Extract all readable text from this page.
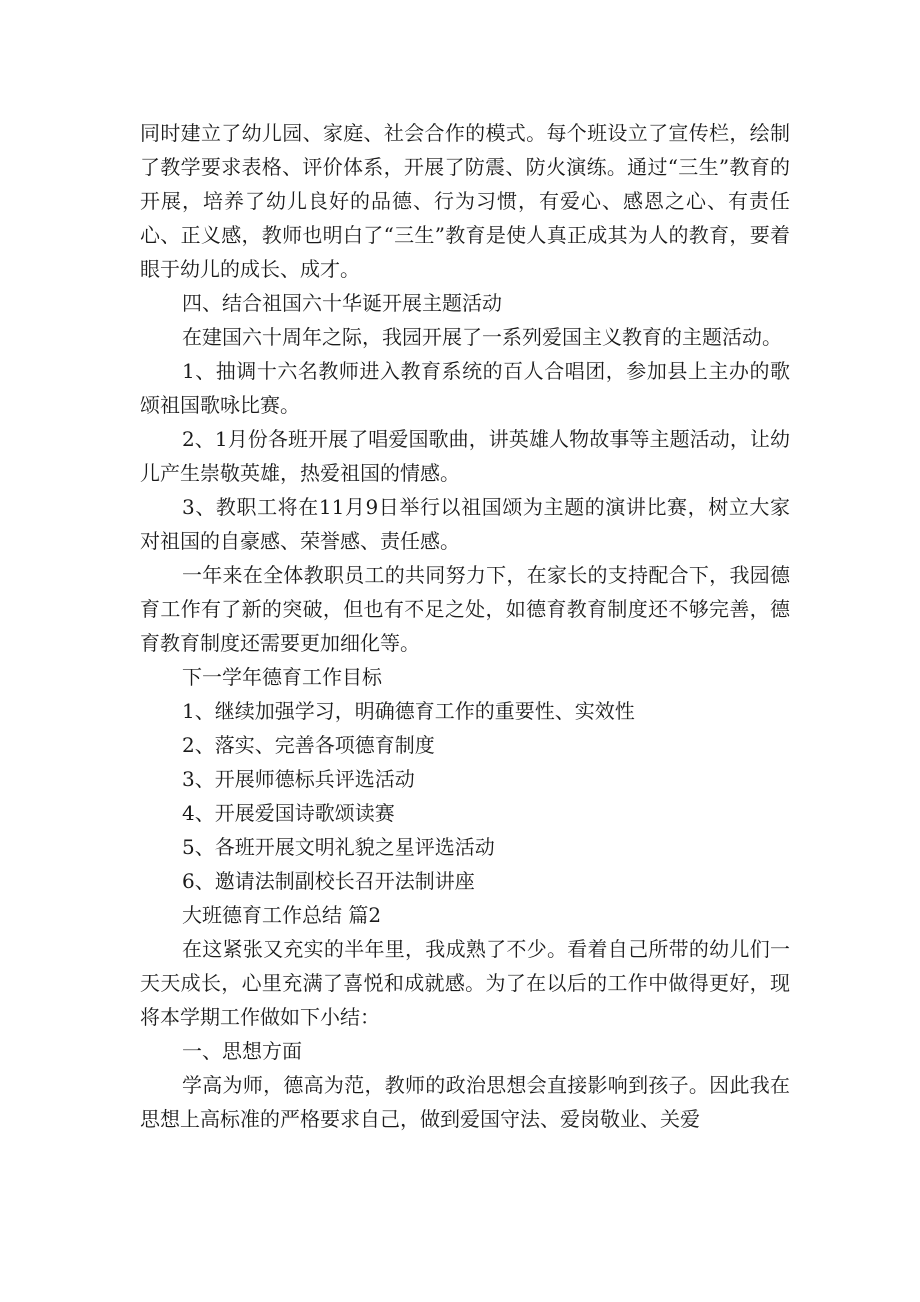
同时建立了幼儿园、家庭、社会合作的模式。每个班设立了宣传栏，绘制了教学要求表格、评价体系，开展了防震、防火演练。通过“三生”教育的开展，培养了幼儿良好的品德、行为习惯，有爱心、感恩之心、有责任心、正义感，教师也明白了“三生”教育是使人真正成其为人的教育，要着眼于幼儿的成长、成才。

四、结合祖国六十华诞开展主题活动

在建国六十周年之际，我园开展了一系列爱国主义教育的主题活动。

1、抽调十六名教师进入教育系统的百人合唱团，参加县上主办的歌颂祖国歌咏比赛。

2、1月份各班开展了唱爱国歌曲，讲英雄人物故事等主题活动，让幼儿产生崇敬英雄，热爱祖国的情感。

3、教职工将在11月9日举行以祖国颂为主题的演讲比赛，树立大家对祖国的自豪感、荣誉感、责任感。

一年来在全体教职员工的共同努力下，在家长的支持配合下，我园德育工作有了新的突破，但也有不足之处，如德育教育制度还不够完善，德育教育制度还需要更加细化等。

下一学年德育工作目标

1、继续加强学习，明确德育工作的重要性、实效性

2、落实、完善各项德育制度

3、开展师德标兵评选活动

4、开展爱国诗歌颂读赛

5、各班开展文明礼貌之星评选活动

6、邀请法制副校长召开法制讲座

大班德育工作总结 篇2

在这紧张又充实的半年里，我成熟了不少。看着自己所带的幼儿们一天天成长，心里充满了喜悦和成就感。为了在以后的工作中做得更好，现将本学期工作做如下小结：

一、思想方面

学高为师，德高为范，教师的政治思想会直接影响到孩子。因此我在思想上高标准的严格要求自己，做到爱国守法、爱岗敬业、关爱
